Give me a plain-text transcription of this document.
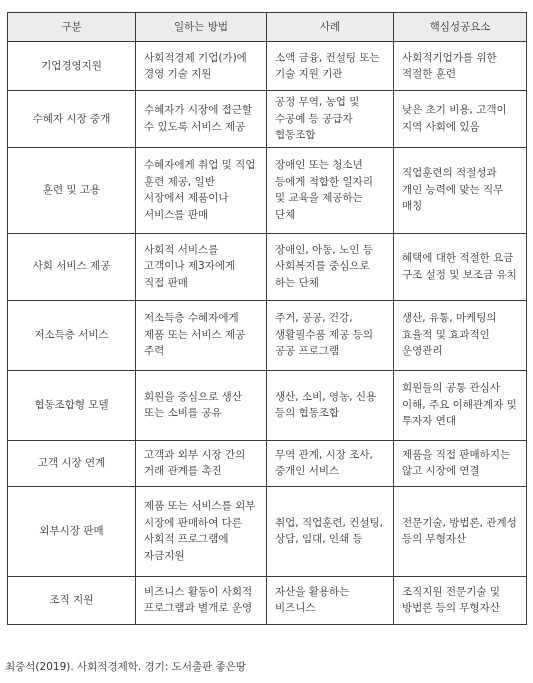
구분	일하는 방법	사례	핵심성공요소
기업경영지원	사회적경제 기업(가)에 경영 기술 지원	소액 금융, 컨설팅 또는 기술 지원 기관	사회적기업가를 위한 적절한 훈련
수혜자 시장 중개	수혜자가 시장에 접근할 수 있도록 서비스 제공	공정 무역, 농업 및 수공예 등 공급자 협동조합	낮은 초기 비용, 고객이 지역 사회에 있음
훈련 및 고용	수혜자에게 취업 및 직업 훈련 제공, 일반 시장에서 제품이나 서비스를 판매	장애인 또는 청소년 등에게 적합한 일자리 및 교육을 제공하는 단체	직업훈련의 적절성과 개인 능력에 맞는 직무 매칭
사회 서비스 제공	사회적 서비스를 고객이나 제3자에게 직접 판매	장애인, 아동, 노인 등 사회복지를 중심으로 하는 단체	혜택에 대한 적절한 요금 구조 설정 및 보조금 유치
저소득층 서비스	저소득층 수혜자에게 제품 또는 서비스 제공 주력	주거, 공공, 건강, 생활필수품 제공 등의 공공 프로그램	생산, 유통, 마케팅의 효율적 및 효과적인 운영관리
협동조합형 모델	회원을 중심으로 생산 또는 소비를 공유	생산, 소비, 영농, 신용 등의 협동조합	회원들의 공통 관심사 이해, 주요 이해관계자 및 투자자 연대
고객 시장 연계	고객과 외부 시장 간의 거래 관계를 촉진	무역 관계, 시장 조사, 중개인 서비스	제품을 직접 판매하지는 않고 시장에 연결
외부시장 판매	제품 또는 서비스를 외부 시장에 판매하여 다른 사회적 프로그램에 자금지원	취업, 직업훈련, 컨설팅, 상담, 임대, 인쇄 등	전문기술, 방법론, 관계성 등의 무형자산
조직 지원	비즈니스 활동이 사회적 프로그램과 별개로 운영	자산을 활용하는 비즈니스	조직지원 전문기술 및 방법론 등의 무형자산
최중석(2019). 사회적경제학. 경기: 도서출판 좋은땅
